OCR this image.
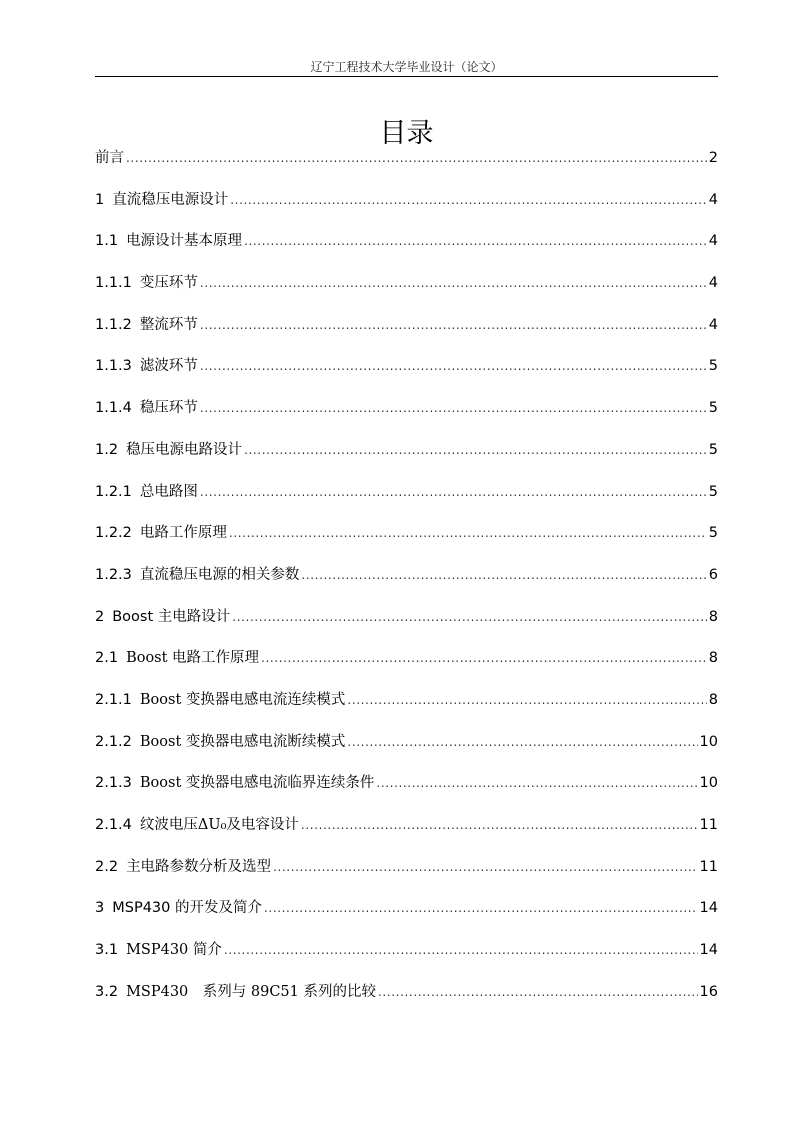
辽宁工程技术大学毕业设计（论文）
目录
前言 .....	2
1 直流稳压电源设计 .....	4
1.1 电源设计基本原理 .....	4
1.1.1 变压环节 .....	4
1.1.2 整流环节 .....	4
1.1.3 滤波环节 .....	5
1.1.4 稳压环节 .....	5
1.2 稳压电源电路设计 .....	5
1.2.1 总电路图 .....	5
1.2.2 电路工作原理 .....	5
1.2.3 直流稳压电源的相关参数 .....	6
2 Boost 主电路设计 .....	8
2.1 Boost 电路工作原理 .....	8
2.1.1 Boost 变换器电感电流连续模式 .....	8
2.1.2 Boost 变换器电感电流断续模式 .....	10
2.1.3 Boost 变换器电感电流临界连续条件 .....	10
2.1.4 纹波电压ΔU₀及电容设计 .....	11
2.2 主电路参数分析及选型 .....	11
3 MSP430 的开发及简介 .....	14
3.1 MSP430 简介 .....	14
3.2 MSP430　系列与 89C51 系列的比较 .....	16
